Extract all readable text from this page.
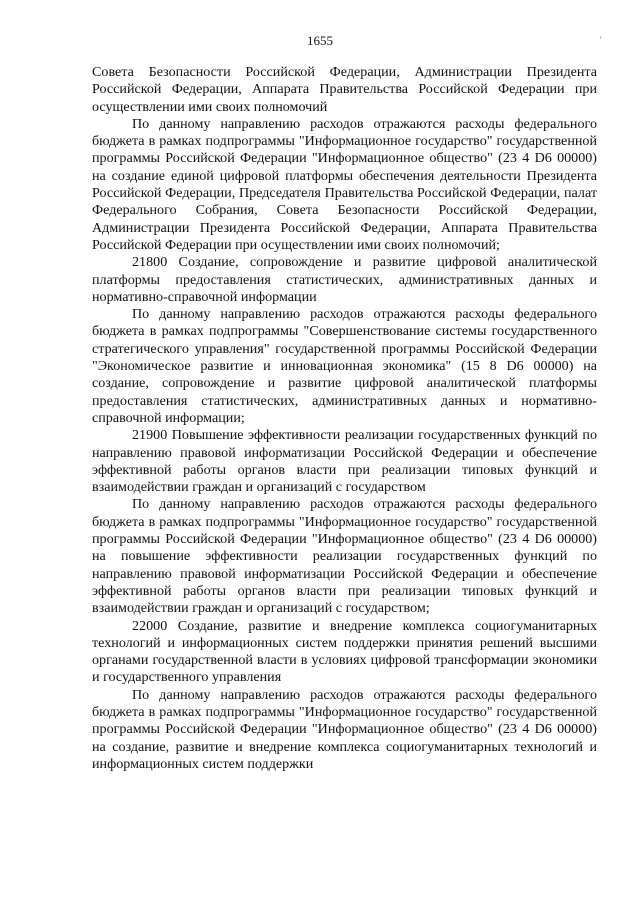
1655	'

Совета Безопасности Российской Федерации, Администрации Президента Российской Федерации, Аппарата Правительства Российской Федерации при осуществлении ими своих полномочий

По данному направлению расходов отражаются расходы федерального бюджета в рамках подпрограммы "Информационное государство" государственной программы Российской Федерации "Информационное общество" (23 4 D6 00000) на создание единой цифровой платформы обеспечения деятельности Президента Российской Федерации, Председателя Правительства Российской Федерации, палат Федерального Собрания, Совета Безопасности Российской Федерации, Администрации Президента Российской Федерации, Аппарата Правительства Российской Федерации при осуществлении ими своих полномочий;

21800 Создание, сопровождение и развитие цифровой аналитической платформы предоставления статистических, административных данных и нормативно-справочной информации

По данному направлению расходов отражаются расходы федерального бюджета в рамках подпрограммы "Совершенствование системы государственного стратегического управления" государственной программы Российской Федерации "Экономическое развитие и инновационная экономика" (15 8 D6 00000) на создание, сопровождение и развитие цифровой аналитической платформы предоставления статистических, административных данных и нормативно-справочной информации;

21900 Повышение эффективности реализации государственных функций по направлению правовой информатизации Российской Федерации и обеспечение эффективной работы органов власти при реализации типовых функций и взаимодействии граждан и организаций с государством

По данному направлению расходов отражаются расходы федерального бюджета в рамках подпрограммы "Информационное государство" государственной программы Российской Федерации "Информационное общество" (23 4 D6 00000) на повышение эффективности реализации государственных функций по направлению правовой информатизации Российской Федерации и обеспечение эффективной работы органов власти при реализации типовых функций и взаимодействии граждан и организаций с государством;

22000 Создание, развитие и внедрение комплекса социогуманитарных технологий и информационных систем поддержки принятия решений высшими органами государственной власти в условиях цифровой трансформации экономики и государственного управления

По данному направлению расходов отражаются расходы федерального бюджета в рамках подпрограммы "Информационное государство" государственной программы Российской Федерации "Информационное общество" (23 4 D6 00000) на создание, развитие и внедрение комплекса социогуманитарных технологий и информационных систем поддержки
